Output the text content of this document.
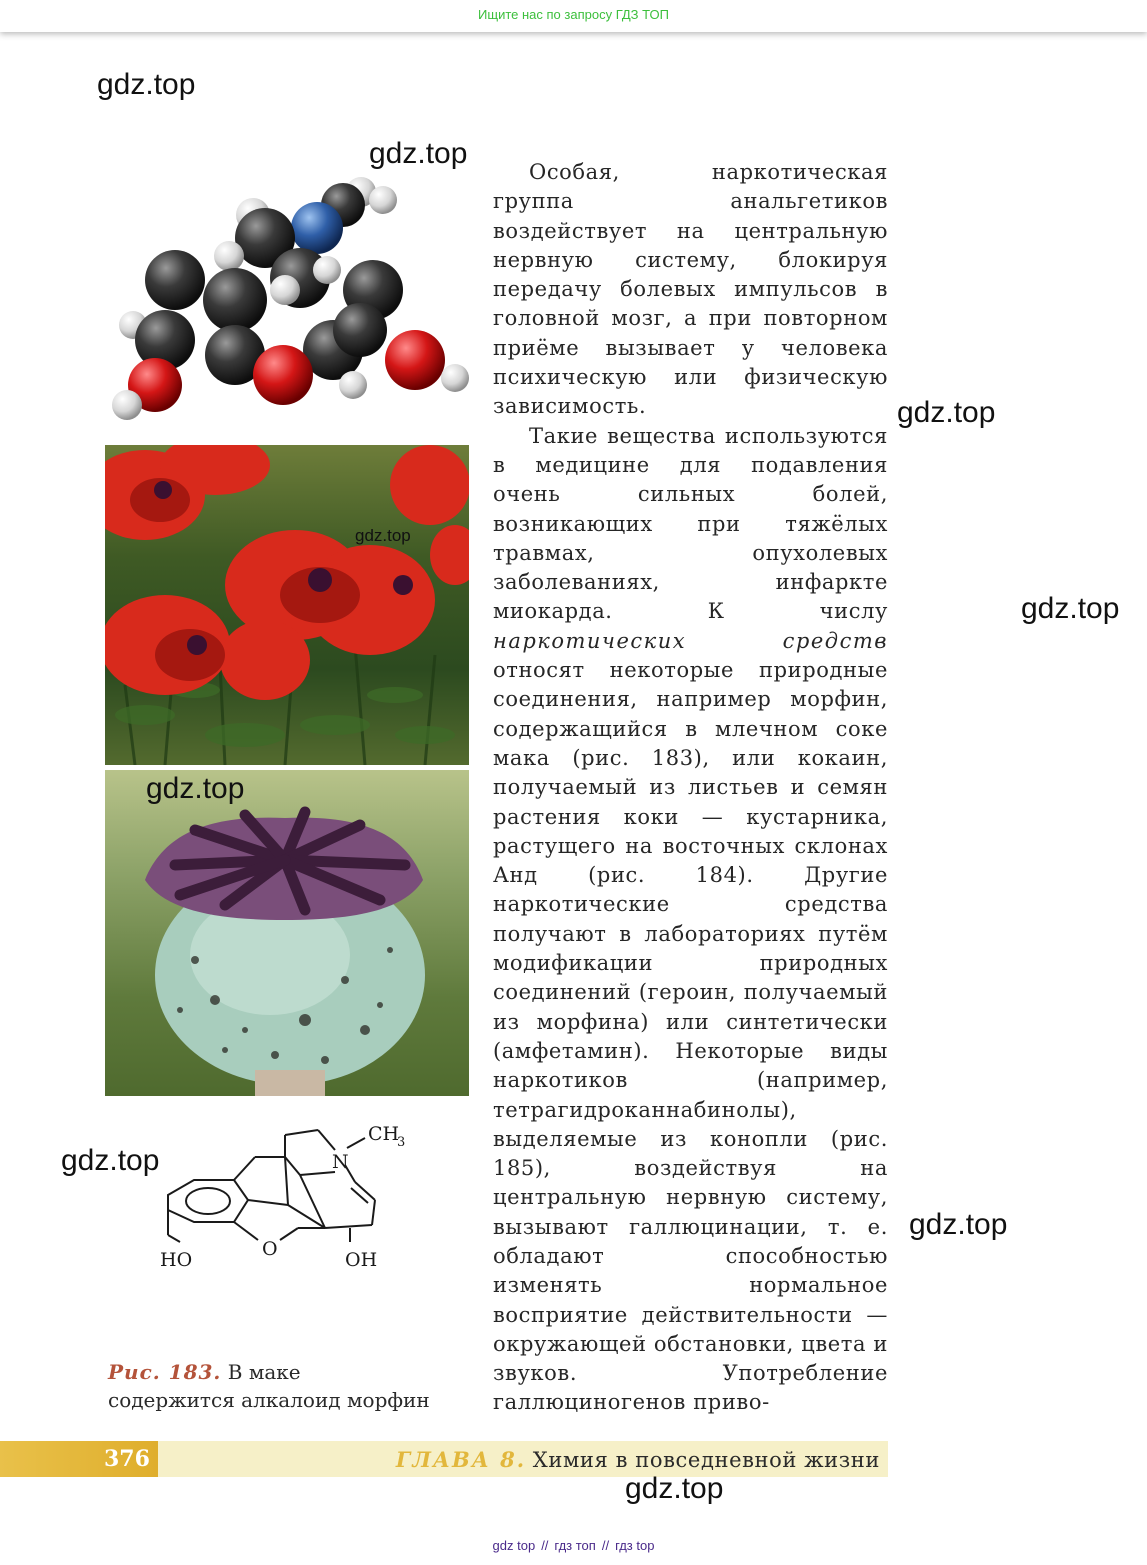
Ищите нас по запросу ГДЗ ТОП
gdz.top
gdz.top
gdz.top
gdz.top
gdz.top
gdz.top
gdz.top
gdz.top
gdz.top
HO	O	OH
N
CH
3
Рис. 183. В маке
содержится алкалоид морфин

Особая, наркотическая группа анальгетиков воздействует на центральную нервную систему, блокируя передачу болевых импульсов в головной мозг, а при повторном приёме вызывает у человека психическую или физическую зависимость.

Такие вещества используются в медицине для подавления очень сильных болей, возникающих при тяжёлых травмах, опухолевых заболеваниях, инфаркте миокарда. К числу наркотических средств относят некоторые природные соединения, например морфин, содержащийся в млечном соке мака (рис. 183), или кокаин, получаемый из листьев и семян растения коки — кустарника, растущего на восточных склонах Анд (рис. 184). Другие наркотические средства получают в лабораториях путём модификации природных соединений (героин, получаемый из морфина) или синтетически (амфетамин). Некоторые виды наркотиков (например, тетрагидроканнабинолы), выделяемые из конопли (рис. 185), воздействуя на центральную нервную систему, вызывают галлюцинации, т. е. обладают способностью изменять нормальное восприятие действительности — окружающей обстановки, цвета и звуков. Употребление галлюциногенов приво-

376	ГЛАВА 8. Химия в повседневной жизни
gdz top // гдз топ // гдз top
